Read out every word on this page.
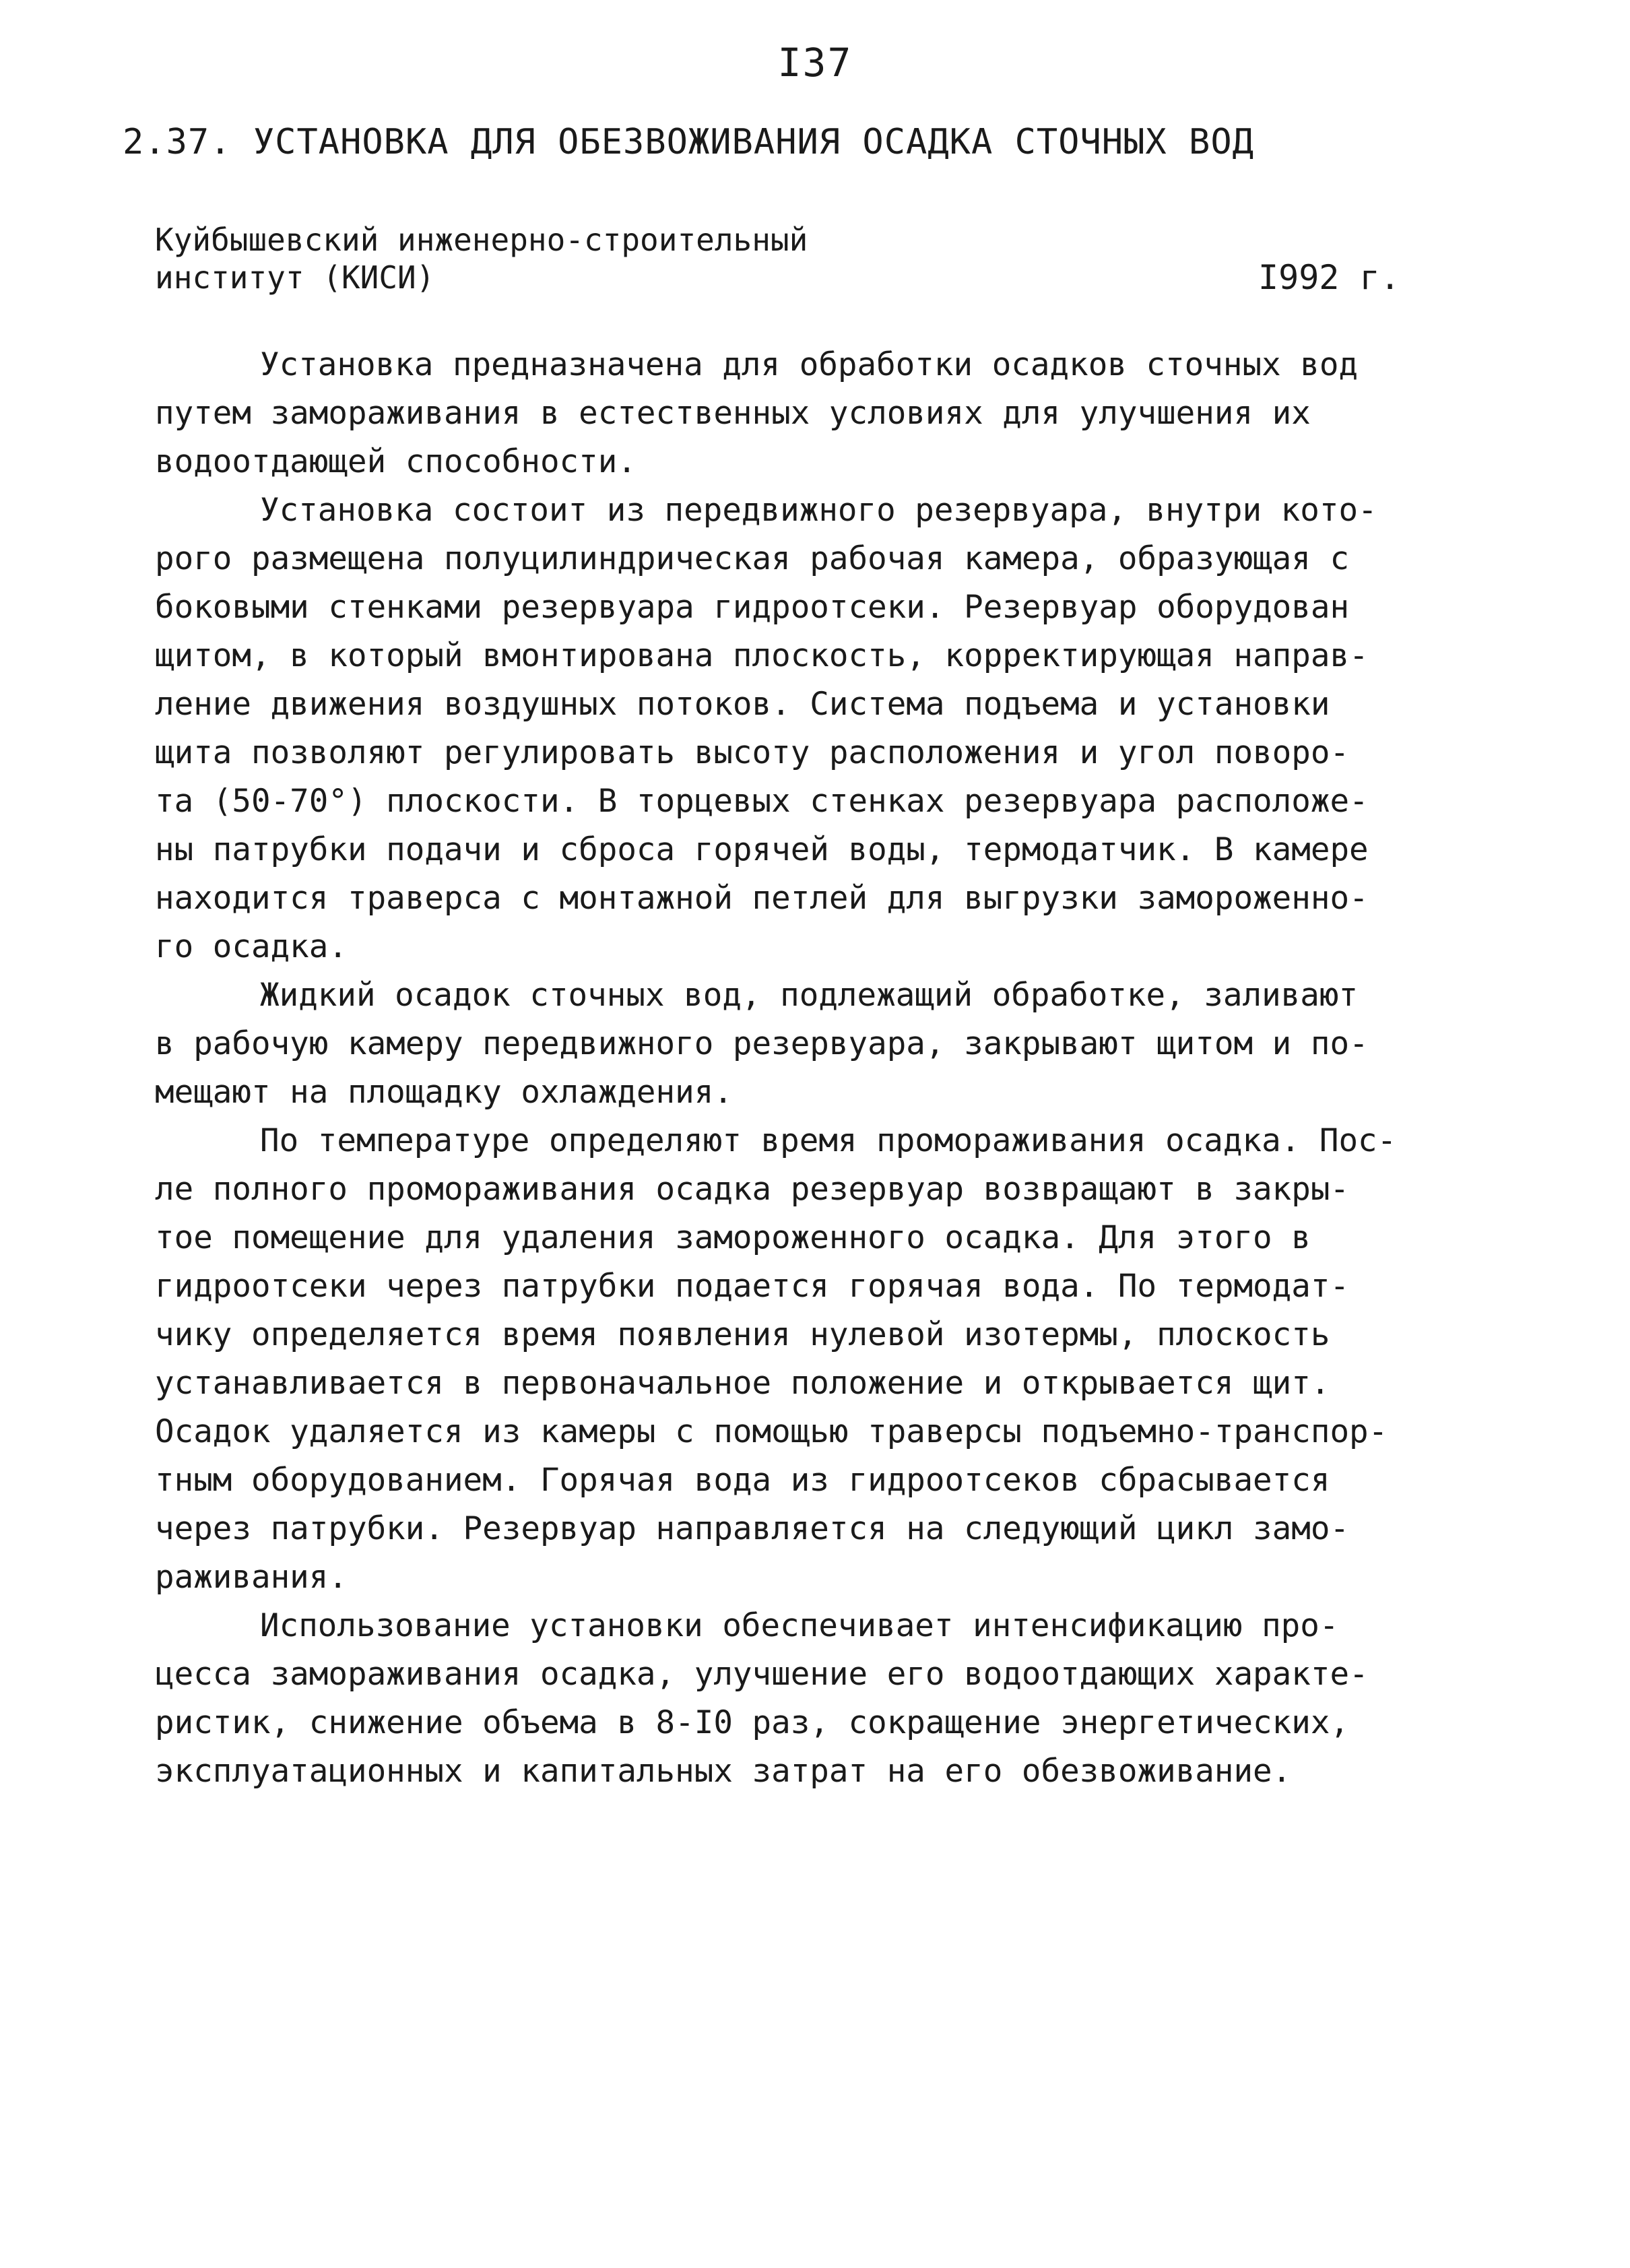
I37
2.37. УСТАНОВКА ДЛЯ ОБЕЗВОЖИВАНИЯ ОСАДКА СТОЧНЫХ ВОД
Куйбышевский инженерно-строительный
институт (КИСИ)	I992 г.
Установка предназначена для обработки осадков сточных вод
путем замораживания в естественных условиях для улучшения их
водоотдающей способности.
Установка состоит из передвижного резервуара, внутри кото-
рого размещена полуцилиндрическая рабочая камера, образующая с
боковыми стенками резервуара гидроотсеки. Резервуар оборудован
щитом, в который вмонтирована плоскость, корректирующая направ-
ление движения воздушных потоков. Система подъема и установки
щита позволяют регулировать высоту расположения и угол поворо-
та (50-70°) плоскости. В торцевых стенках резервуара расположе-
ны патрубки подачи и сброса горячей воды, термодатчик. В камере
находится траверса с монтажной петлей для выгрузки замороженно-
го осадка.
Жидкий осадок сточных вод, подлежащий обработке, заливают
в рабочую камеру передвижного резервуара, закрывают щитом и по-
мещают на площадку охлаждения.
По температуре определяют время промораживания осадка. Пос-
ле полного промораживания осадка резервуар возвращают в закры-
тое помещение для удаления замороженного осадка. Для этого в
гидроотсеки через патрубки подается горячая вода. По термодат-
чику определяется время появления нулевой изотермы, плоскость
устанавливается в первоначальное положение и открывается щит.
Осадок удаляется из камеры с помощью траверсы подъемно-транспор-
тным оборудованием. Горячая вода из гидроотсеков сбрасывается
через патрубки. Резервуар направляется на следующий цикл замо-
раживания.
Использование установки обеспечивает интенсификацию про-
цесса замораживания осадка, улучшение его водоотдающих характе-
ристик, снижение объема в 8-I0 раз, сокращение энергетических,
эксплуатационных и капитальных затрат на его обезвоживание.
